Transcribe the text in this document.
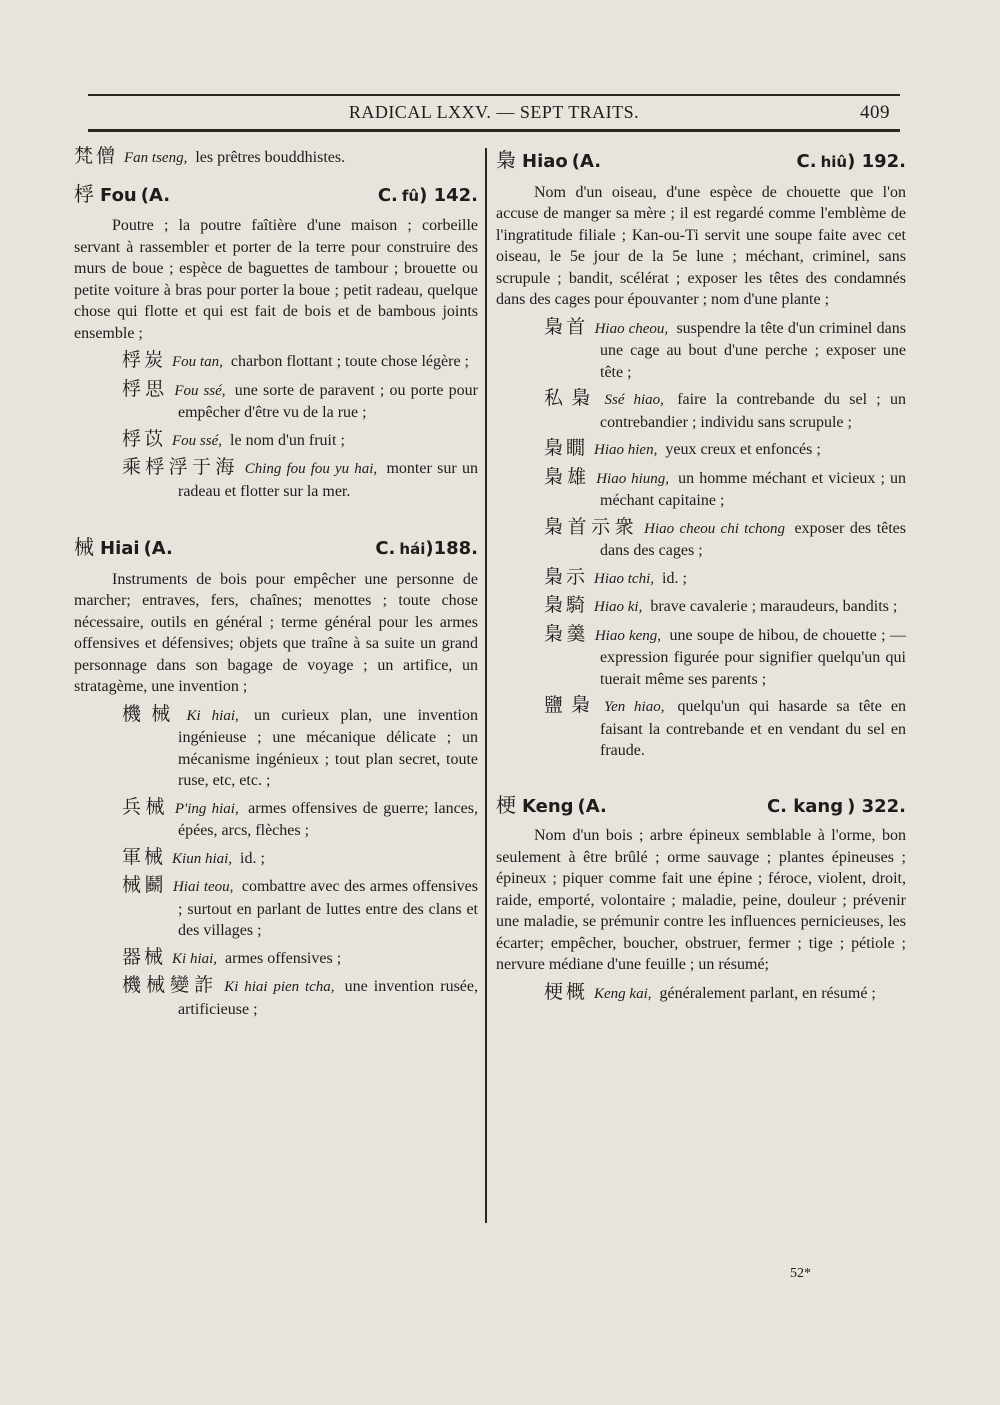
RADICAL LXXV. — SEPT TRAITS.	409

梵僧 Fan tseng, les prêtres bouddhistes.

桴 Fou (A.	C. fû ) 142.

Poutre ; la poutre faîtière d'une maison ; corbeille servant à rassembler et porter de la terre pour construire des murs de boue ; espèce de baguettes de tambour ; brouette ou petite voiture à bras pour porter la boue ; petit radeau, quelque chose qui flotte et qui est fait de bois et de bambous joints ensemble ;

桴炭 Fou tan, charbon flottant ; toute chose légère ;

桴思 Fou ssé, une sorte de paravent ; ou porte pour empêcher d'être vu de la rue ;

桴苡 Fou ssé, le nom d'un fruit ;

乘桴浮于海 Ching fou fou yu hai, monter sur un radeau et flotter sur la mer.

械 Hiai (A.	C. hái )188.

Instruments de bois pour empêcher une personne de marcher; entraves, fers, chaînes; menottes ; toute chose nécessaire, outils en général ; terme général pour les armes offensives et défensives; objets que traîne à sa suite un grand personnage dans son bagage de voyage ; un artifice, un stratagème, une invention ;

機械 Ki hiai, un curieux plan, une invention ingénieuse ; une mécanique délicate ; un mécanisme ingénieux ; tout plan secret, toute ruse, etc, etc. ;

兵械 P'ing hiai, armes offensives de guerre; lances, épées, arcs, flèches ;

軍械 Kiun hiai, id. ;

械鬬 Hiai teou, combattre avec des armes offensives ; surtout en parlant de luttes entre des clans et des villages ;

器械 Ki hiai, armes offensives ;

機械變詐 Ki hiai pien tcha, une invention rusée, artificieuse ;

梟 Hiao (A.	C. hiû ) 192.

Nom d'un oiseau, d'une espèce de chouette que l'on accuse de manger sa mère ; il est regardé comme l'emblème de l'ingratitude filiale ; Kan-ou-Ti servit une soupe faite avec cet oiseau, le 5e jour de la 5e lune ; méchant, criminel, sans scrupule ; bandit, scélérat ; exposer les têtes des condamnés dans des cages pour épouvanter ; nom d'une plante ;

梟首 Hiao cheou, suspendre la tête d'un criminel dans une cage au bout d'une perche ; exposer une tête ;

私梟 Ssé hiao, faire la contrebande du sel ; un contrebandier ; individu sans scrupule ;

梟瞯 Hiao hien, yeux creux et enfoncés ;

梟雄 Hiao hiung, un homme méchant et vicieux ; un méchant capitaine ;

梟首示衆 Hiao cheou chi tchong exposer des têtes dans des cages ;

梟示 Hiao tchi, id. ;

梟騎 Hiao ki, brave cavalerie ; maraudeurs, bandits ;

梟羹 Hiao keng, une soupe de hibou, de chouette ; — expression figurée pour signifier quelqu'un qui tuerait même ses parents ;

鹽梟 Yen hiao, quelqu'un qui hasarde sa tête en faisant la contrebande et en vendant du sel en fraude.

梗 Keng (A.	C. kang ) 322.

Nom d'un bois ; arbre épineux semblable à l'orme, bon seulement à être brûlé ; orme sauvage ; plantes épineuses ; épineux ; piquer comme fait une épine ; féroce, violent, droit, raide, emporté, volontaire ; maladie, peine, douleur ; prévenir une maladie, se prémunir contre les influences pernicieuses, les écarter; empêcher, boucher, obstruer, fermer ; tige ; pétiole ; nervure médiane d'une feuille ; un résumé;

梗概 Keng kai, généralement parlant, en résumé ;

52*
